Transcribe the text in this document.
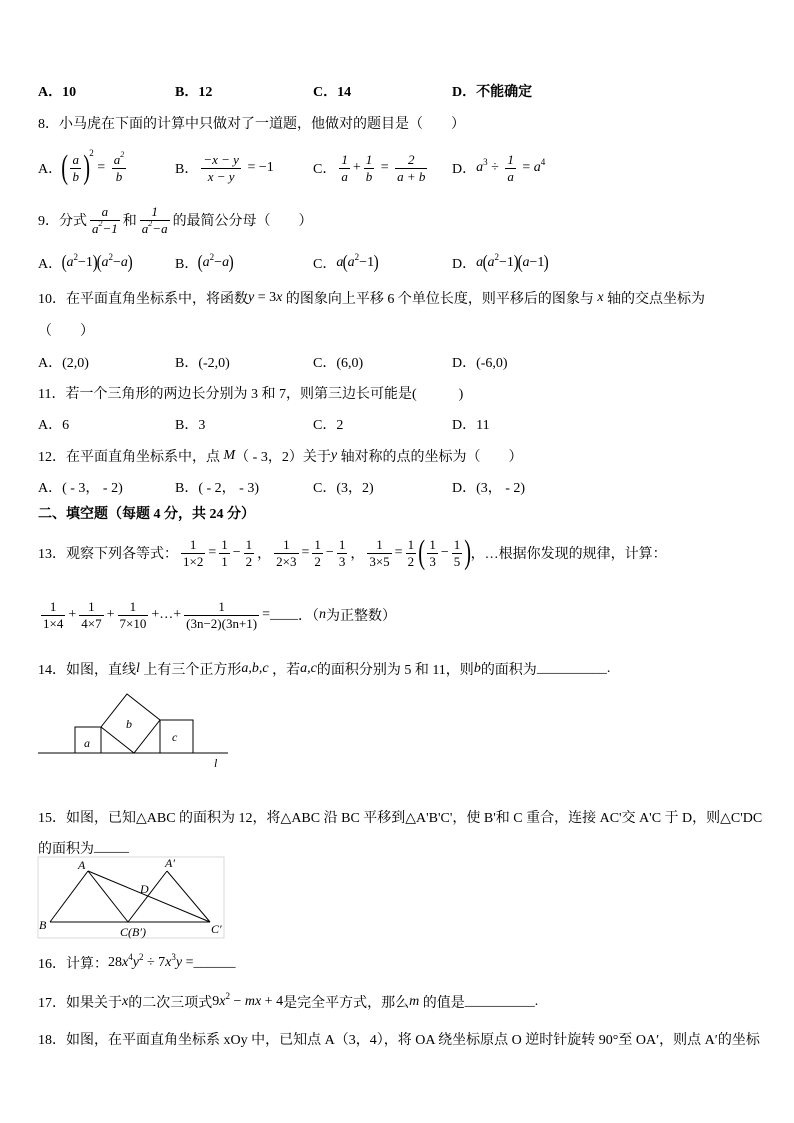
A．10	B．12	C．14	D．不能确定
8．小马虎在下面的计算中只做对了一道题，他做对的题目是（　　）
A． ( $\frac{a}{b}$ ) 2
= $\frac{a 2}{b}$	B． $\frac{-x - y}{x - y} = -1$	C． $\frac{1}{a} + \frac{1}{b} = \frac{2}{a + b}$ D． a $3 \div \frac{1}{a} = a$ 4
9．分式 $\frac{a}{a 2 -1}$ 和 $\frac{1}{a 2 - a}$ 的最简公分母（　　）
A． ( a 2 −1 ) ( a 2 − a )	B． ( a 2 − a )	C． a ( a 2 −1 )	D． a ( a 2 −1 ) ( a −1 )
10．在平面直角坐标系中，将函数 y = 3 x 的图象向上平移 6 个单位长度，则平移后的图象与 x 轴的交点坐标为
（　　）
A．(2,0)	B．(-2,0)	C．(6,0)	D．(-6,0)
11．若一个三角形的两边长分别为 3 和 7，则第三边长可能是(　　　)
A．6	B．3	C．2	D．11
12．在平面直角坐标系中，点 M （ - 3，2）关于 y 轴对称的点的坐标为（　　）
A．( - 3， - 2)	B．( - 2， - 3)	C．(3，2)	D．(3， - 2)
二、填空题（每题 4 分，共 24 分）
13．观察下列各等式： $\frac{1}{1\times 2} = \frac{1}{1} - \frac{1}{2}$ ， $\frac{1}{2\times 3} = \frac{1}{2} - \frac{1}{3}$ ， $\frac{1}{3\times 5} = \frac{1}{2}$ ( $\frac{1}{3} - \frac{1}{5}$ ) ，…根据你发现的规律，计算：
$\frac{1}{1\times 4} + \frac{1}{4\times 7} + \frac{1}{7\times 10}$ +…+ $\frac{1}{(3n-2)(3n+1)}$ = ____ ．（ n 为正整数）
14．如图，直线 l 上有三个正方形 a,b,c ，若 a,c 的面积分别为 5 和 11，则 b 的面积为 __________ .
a
b
c
l
15．如图，已知△ABC 的面积为 12，将△ABC 沿 BC 平移到△A'B'C'，使 B'和 C 重合，连接 AC'交 A'C 于 D，则△C'DC
的面积为 _____
A	A′
B	C(B′)	C′
D
16．计算： 28 x 4 y 2 ÷ 7 x 3 y = ______
17．如果关于 x 的二次三项式 9 x 2 − mx + 4 是完全平方式，那么 m 的值是 __________ .
18．如图，在平面直角坐标系 xOy 中，已知点 A（3，4），将 OA 绕坐标原点 O 逆时针旋转 90°至 OA′，则点 A′的坐标
